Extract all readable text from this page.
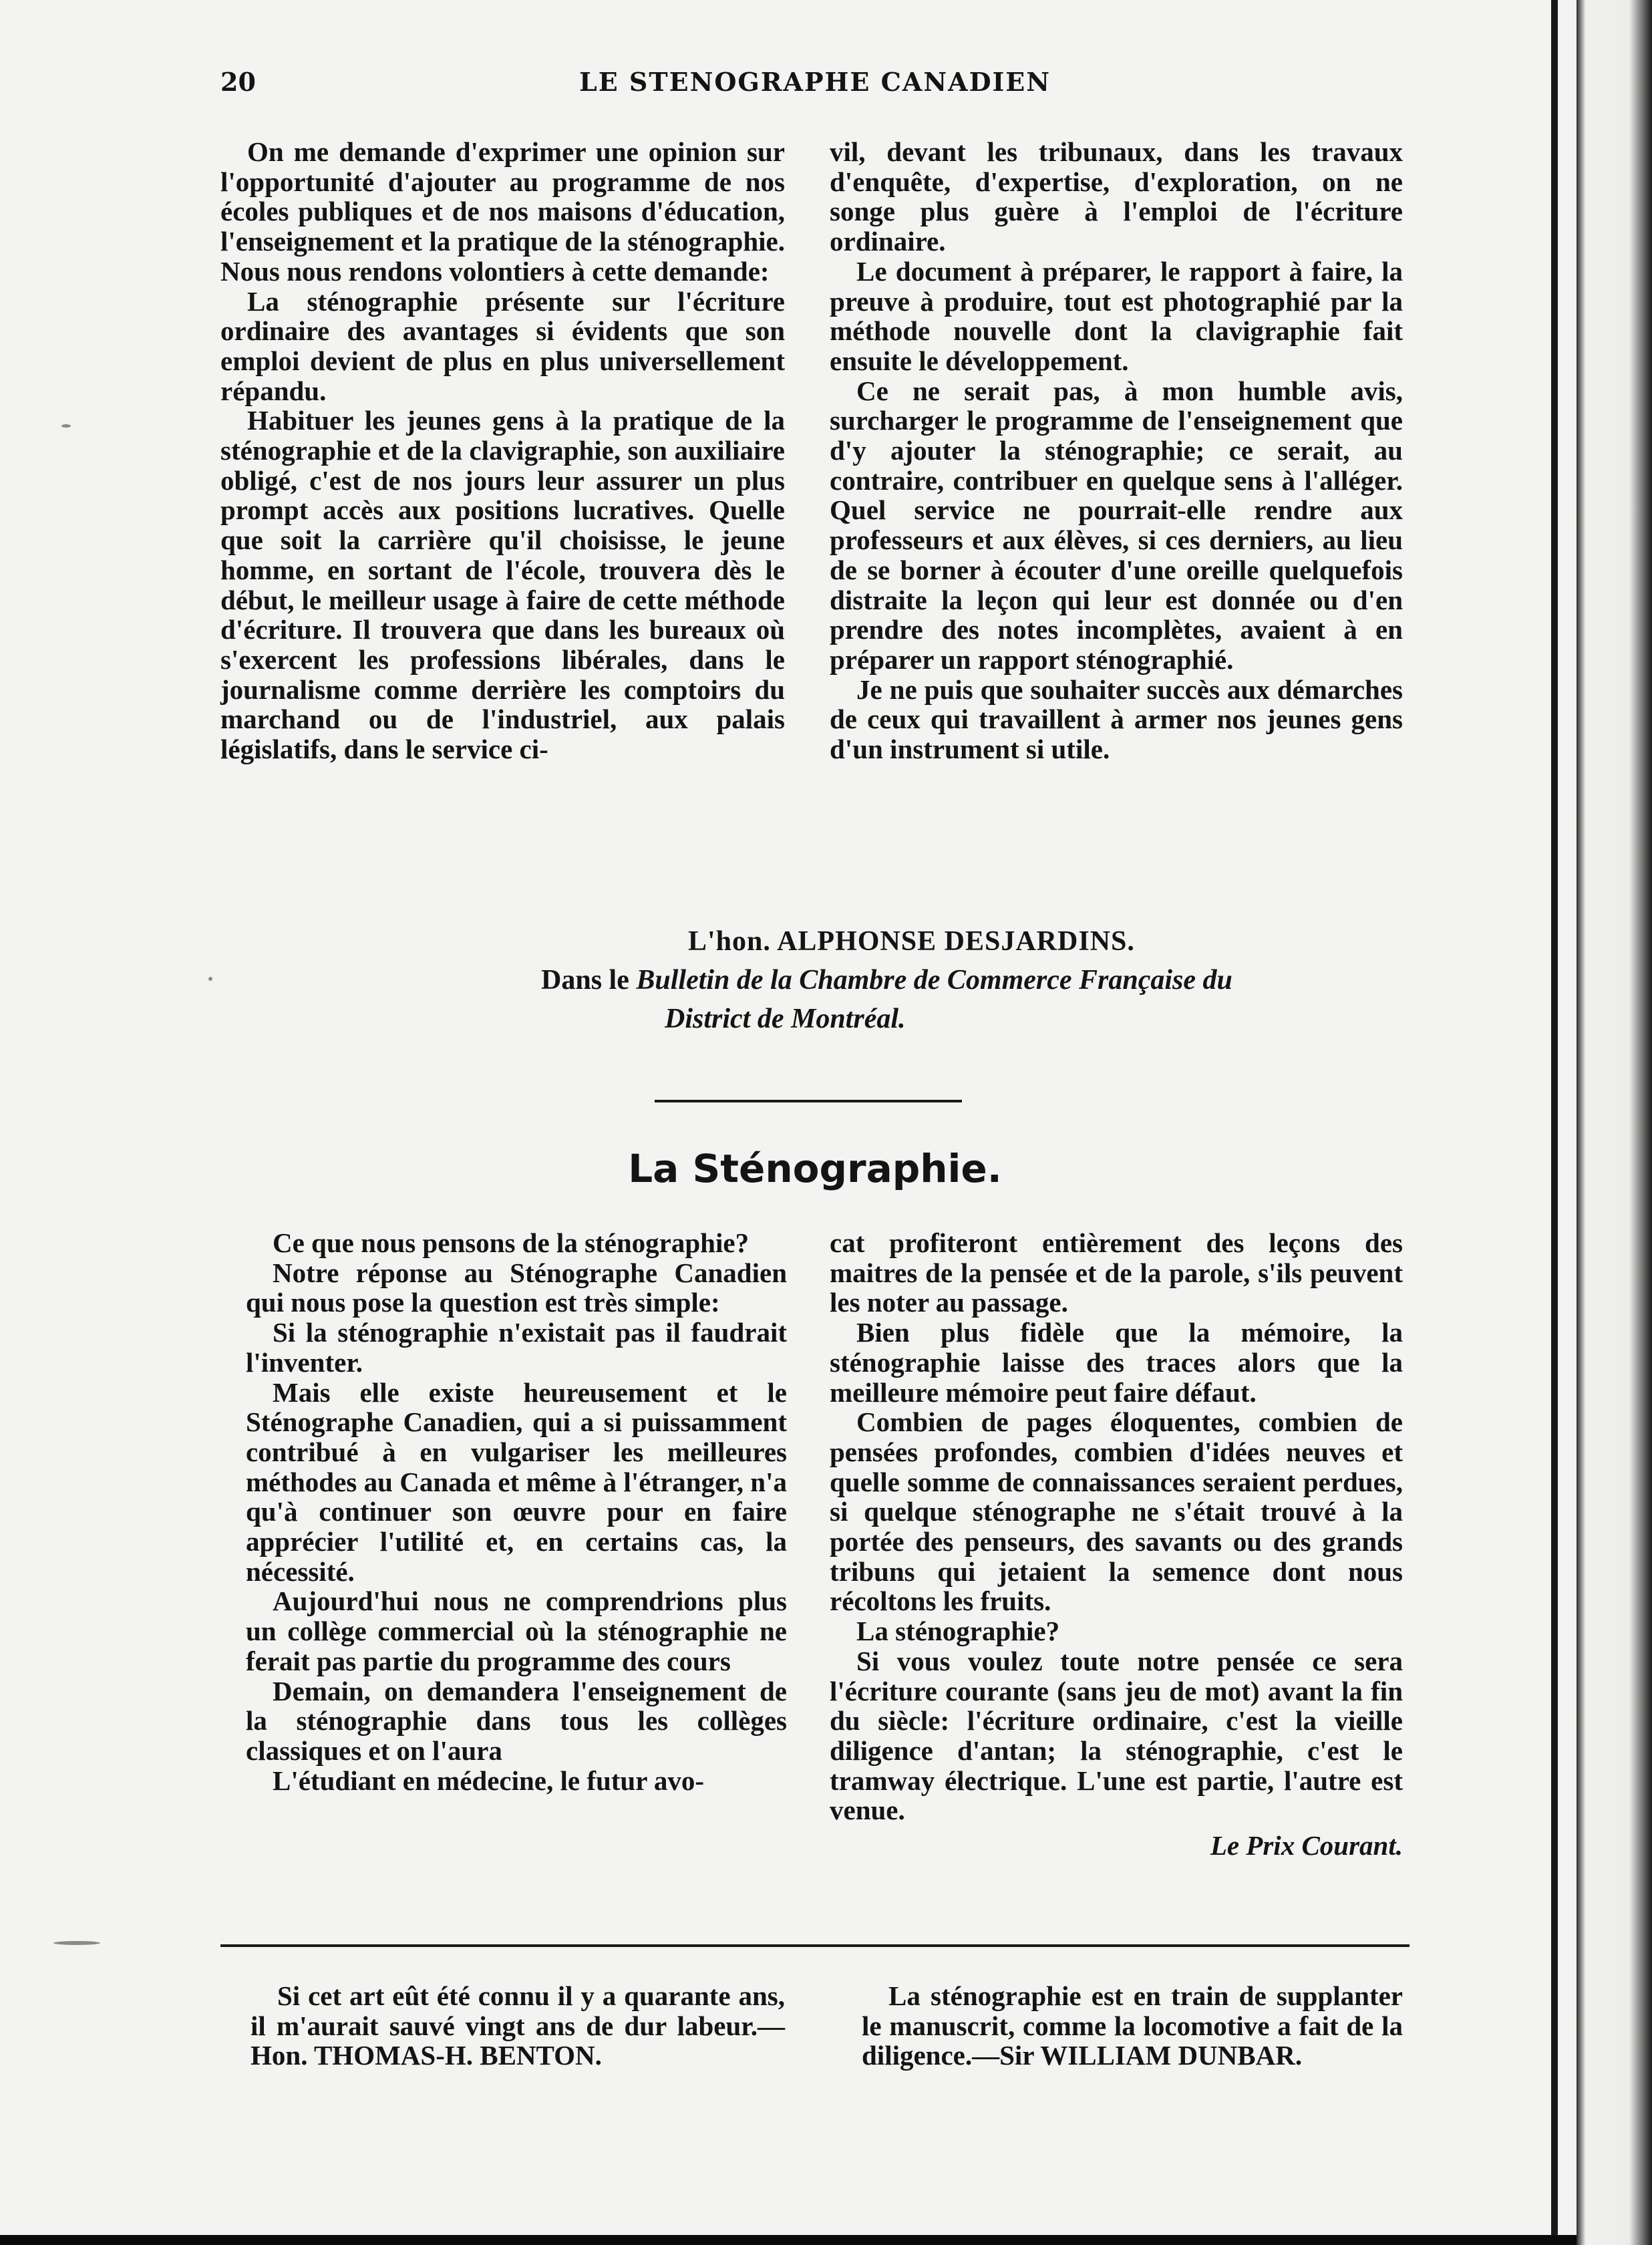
20	LE STENOGRAPHE CANADIEN

On me demande d'exprimer une opinion sur l'opportunité d'ajouter au programme de nos écoles publiques et de nos maisons d'éducation, l'enseignement et la pratique de la sténographie. Nous nous rendons volontiers à cette demande:

La sténographie présente sur l'écriture ordinaire des avantages si évidents que son emploi devient de plus en plus universellement répandu.

Habituer les jeunes gens à la pratique de la sténographie et de la clavigraphie, son auxiliaire obligé, c'est de nos jours leur assurer un plus prompt accès aux positions lucratives. Quelle que soit la carrière qu'il choisisse, le jeune homme, en sortant de l'école, trouvera dès le début, le meilleur usage à faire de cette méthode d'écriture. Il trouvera que dans les bureaux où s'exercent les professions libérales, dans le journalisme comme derrière les comptoirs du marchand ou de l'industriel, aux palais législatifs, dans le service ci-

vil, devant les tribunaux, dans les travaux d'enquête, d'expertise, d'exploration, on ne songe plus guère à l'emploi de l'écriture ordinaire.

Le document à préparer, le rapport à faire, la preuve à produire, tout est photographié par la méthode nouvelle dont la clavigraphie fait ensuite le développement.

Ce ne serait pas, à mon humble avis, surcharger le programme de l'enseignement que d'y ajouter la sténographie; ce serait, au contraire, contribuer en quelque sens à l'alléger. Quel service ne pourrait-elle rendre aux professeurs et aux élèves, si ces derniers, au lieu de se borner à écouter d'une oreille quelquefois distraite la leçon qui leur est donnée ou d'en prendre des notes incomplètes, avaient à en préparer un rapport sténographié.

Je ne puis que souhaiter succès aux démarches de ceux qui travaillent à armer nos jeunes gens d'un instrument si utile.

L'hon. ALPHONSE DESJARDINS.
Dans le Bulletin de la Chambre de Commerce Française du
District de Montréal.
La Sténographie.

Ce que nous pensons de la sténographie?

Notre réponse au Sténographe Canadien qui nous pose la question est très simple:

Si la sténographie n'existait pas il faudrait l'inventer.

Mais elle existe heureusement et le Sténographe Canadien, qui a si puissamment contribué à en vulgariser les meilleures méthodes au Canada et même à l'étranger, n'a qu'à continuer son œuvre pour en faire apprécier l'utilité et, en certains cas, la nécessité.

Aujourd'hui nous ne comprendrions plus un collège commercial où la sténographie ne ferait pas partie du programme des cours

Demain, on demandera l'enseignement de la sténographie dans tous les collèges classiques et on l'aura

L'étudiant en médecine, le futur avo-

cat profiteront entièrement des leçons des maitres de la pensée et de la parole, s'ils peuvent les noter au passage.

Bien plus fidèle que la mémoire, la sténographie laisse des traces alors que la meilleure mémoire peut faire défaut.

Combien de pages éloquentes, combien de pensées profondes, combien d'idées neuves et quelle somme de connaissances seraient perdues, si quelque sténographe ne s'était trouvé à la portée des penseurs, des savants ou des grands tribuns qui jetaient la semence dont nous récoltons les fruits.

La sténographie?

Si vous voulez toute notre pensée ce sera l'écriture courante (sans jeu de mot) avant la fin du siècle: l'écriture ordinaire, c'est la vieille diligence d'antan; la sténographie, c'est le tramway électrique. L'une est partie, l'autre est venue.

Le Prix Courant.

Si cet art eût été connu il y a quarante ans, il m'aurait sauvé vingt ans de dur labeur.—Hon. THOMAS-H. BENTON.

La sténographie est en train de supplanter le manuscrit, comme la locomotive a fait de la diligence.—Sir WILLIAM DUNBAR.
